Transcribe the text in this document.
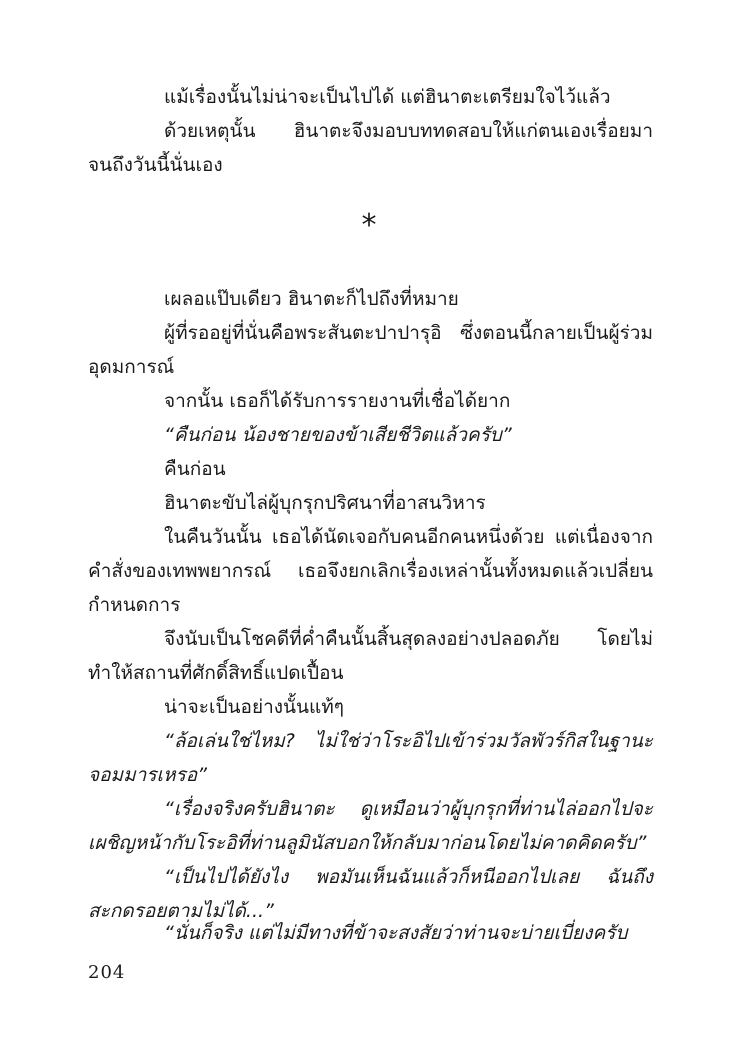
แม้เรื่องนั้นไม่น่าจะเป็นไปได้ แต่ฮินาตะเตรียมใจไว้แล้ว

ด้วยเหตุนั้น ฮินาตะจึงมอบบททดสอบให้แก่ตนเองเรื่อยมาจนถึงวันนี้นั่นเอง

*

เผลอแป๊บเดียว ฮินาตะก็ไปถึงที่หมาย

ผู้ที่รออยู่ที่นั่นคือพระสันตะปาปารุอิ ซึ่งตอนนี้กลายเป็นผู้ร่วมอุดมการณ์

จากนั้น เธอก็ได้รับการรายงานที่เชื่อได้ยาก

“คืนก่อน น้องชายของข้าเสียชีวิตแล้วครับ”

คืนก่อน

ฮินาตะขับไล่ผู้บุกรุกปริศนาที่อาสนวิหาร

ในคืนวันนั้น เธอได้นัดเจอกับคนอีกคนหนึ่งด้วย แต่เนื่องจากคำสั่งของเทพพยากรณ์ เธอจึงยกเลิกเรื่องเหล่านั้นทั้งหมดแล้วเปลี่ยนกำหนดการ

จึงนับเป็นโชคดีที่ค่ำคืนนั้นสิ้นสุดลงอย่างปลอดภัย โดยไม่ทำให้สถานที่ศักดิ์สิทธิ์แปดเปื้อน

น่าจะเป็นอย่างนั้นแท้ๆ

“ล้อเล่นใช่ไหม? ไม่ใช่ว่าโระอิไปเข้าร่วมวัลพัวร์กิสในฐานะจอมมารเหรอ”

“เรื่องจริงครับฮินาตะ ดูเหมือนว่าผู้บุกรุกที่ท่านไล่ออกไปจะเผชิญหน้ากับโระอิที่ท่านลูมินัสบอกให้กลับมาก่อนโดยไม่คาดคิดครับ”

“เป็นไปได้ยังไง พอมันเห็นฉันแล้วก็หนีออกไปเลย ฉันถึงสะกดรอยตามไม่ได้...”

“นั่นก็จริง แต่ไม่มีทางที่ข้าจะสงสัยว่าท่านจะบ่ายเบี่ยงครับ

204
